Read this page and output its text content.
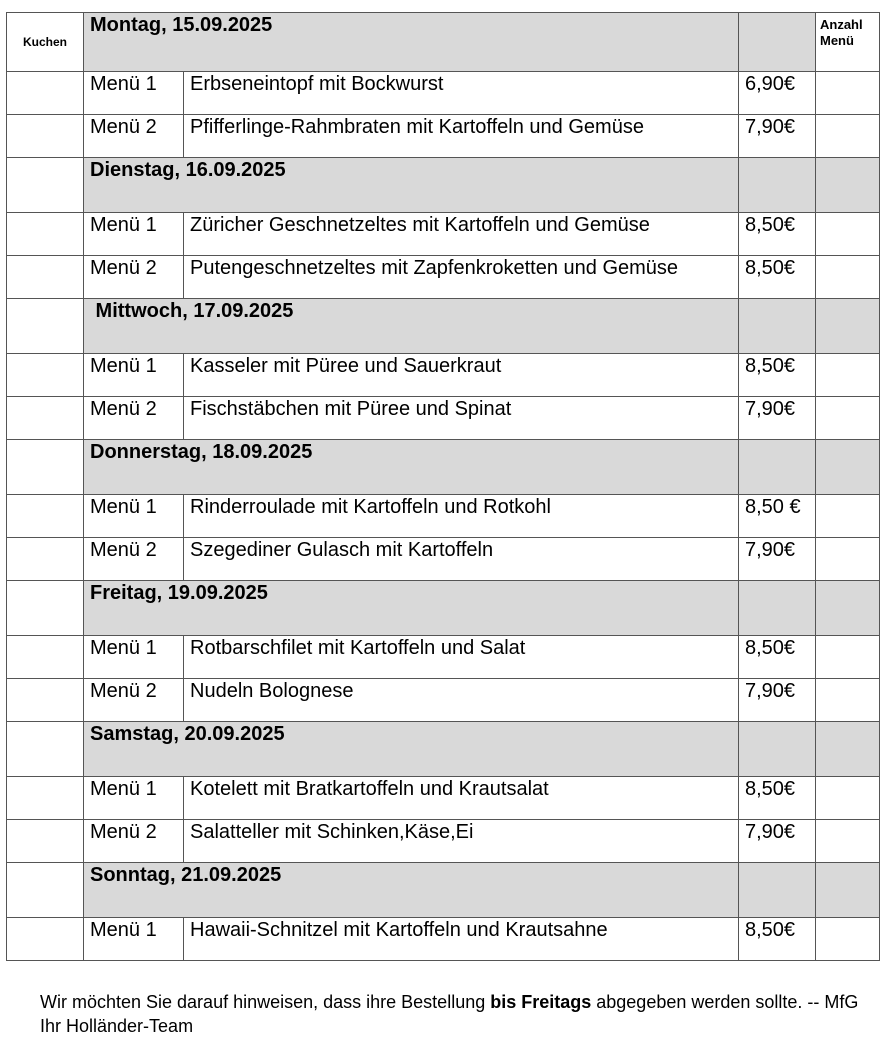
Kuchen	Montag, 15.09.2025			Anzahl Menü
	Menü 1	Erbseneintopf mit Bockwurst	6,90€	
	Menü 2	Pfifferlinge-Rahmbraten mit Kartoffeln und Gemüse	7,90€	
	Dienstag, 16.09.2025			
	Menü 1	Züricher Geschnetzeltes mit Kartoffeln und Gemüse	8,50€	
	Menü 2	Putengeschnetzeltes mit Zapfenkroketten und Gemüse	8,50€	
	Mittwoch, 17.09.2025			
	Menü 1	Kasseler mit Püree und Sauerkraut	8,50€	
	Menü 2	Fischstäbchen mit Püree und Spinat	7,90€	
	Donnerstag, 18.09.2025			
	Menü 1	Rinderroulade mit Kartoffeln und Rotkohl	8,50 €	
	Menü 2	Szegediner Gulasch mit Kartoffeln	7,90€	
	Freitag, 19.09.2025			
	Menü 1	Rotbarschfilet mit Kartoffeln und Salat	8,50€	
	Menü 2	Nudeln Bolognese	7,90€	
	Samstag, 20.09.2025			
	Menü 1	Kotelett mit Bratkartoffeln und Krautsalat	8,50€	
	Menü 2	Salatteller mit Schinken,Käse,Ei	7,90€	
	Sonntag, 21.09.2025			
	Menü 1	Hawaii-Schnitzel mit Kartoffeln und Krautsahne	8,50€	
Wir möchten Sie darauf hinweisen, dass ihre Bestellung bis Freitags abgegeben werden sollte. -- MfG Ihr Holländer-Team
